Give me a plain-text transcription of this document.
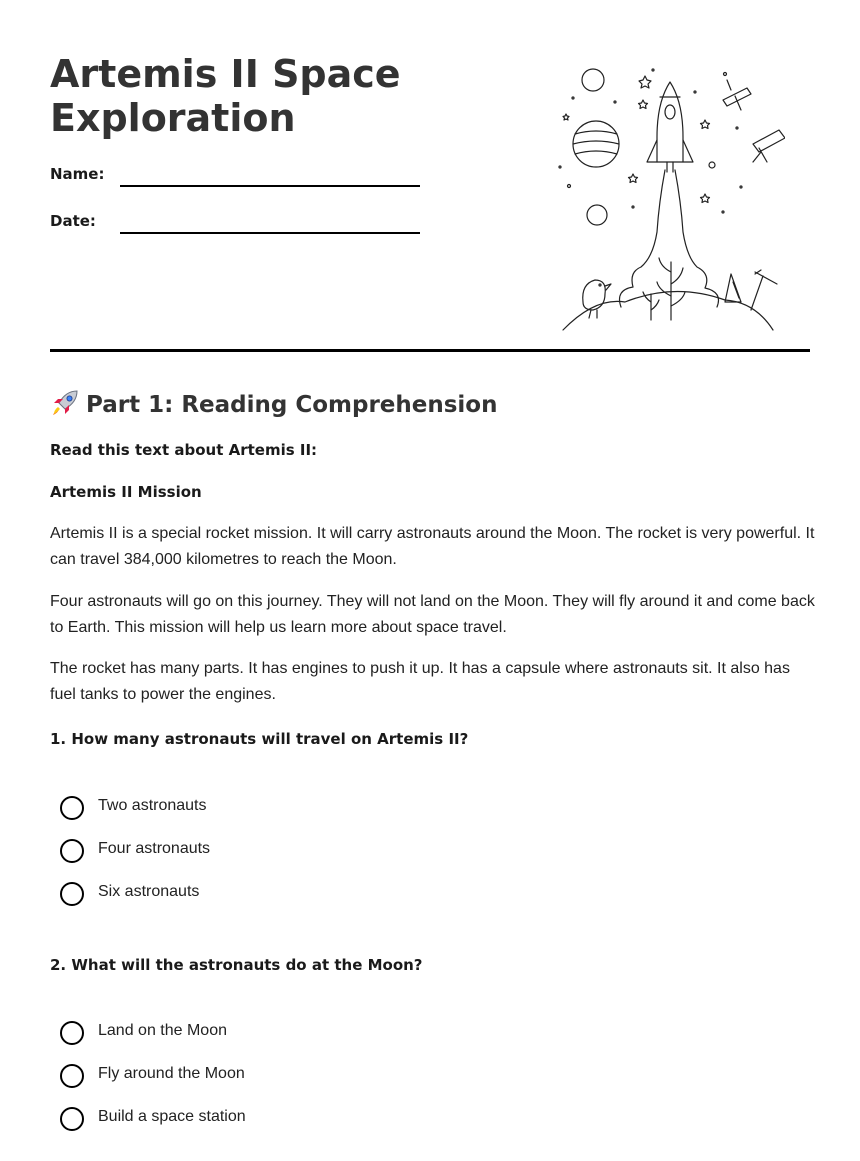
Artemis II Space Exploration
Name:
Date:
Part 1: Reading Comprehension

Read this text about Artemis II:

Artemis II Mission

Artemis II is a special rocket mission. It will carry astronauts around the Moon. The rocket is very powerful. It can travel 384,000 kilometres to reach the Moon.

Four astronauts will go on this journey. They will not land on the Moon. They will fly around it and come back to Earth. This mission will help us learn more about space travel.

The rocket has many parts. It has engines to push it up. It has a capsule where astronauts sit. It also has fuel tanks to power the engines.

1. How many astronauts will travel on Artemis II?

Two astronauts
Four astronauts
Six astronauts

2. What will the astronauts do at the Moon?

Land on the Moon
Fly around the Moon
Build a space station
